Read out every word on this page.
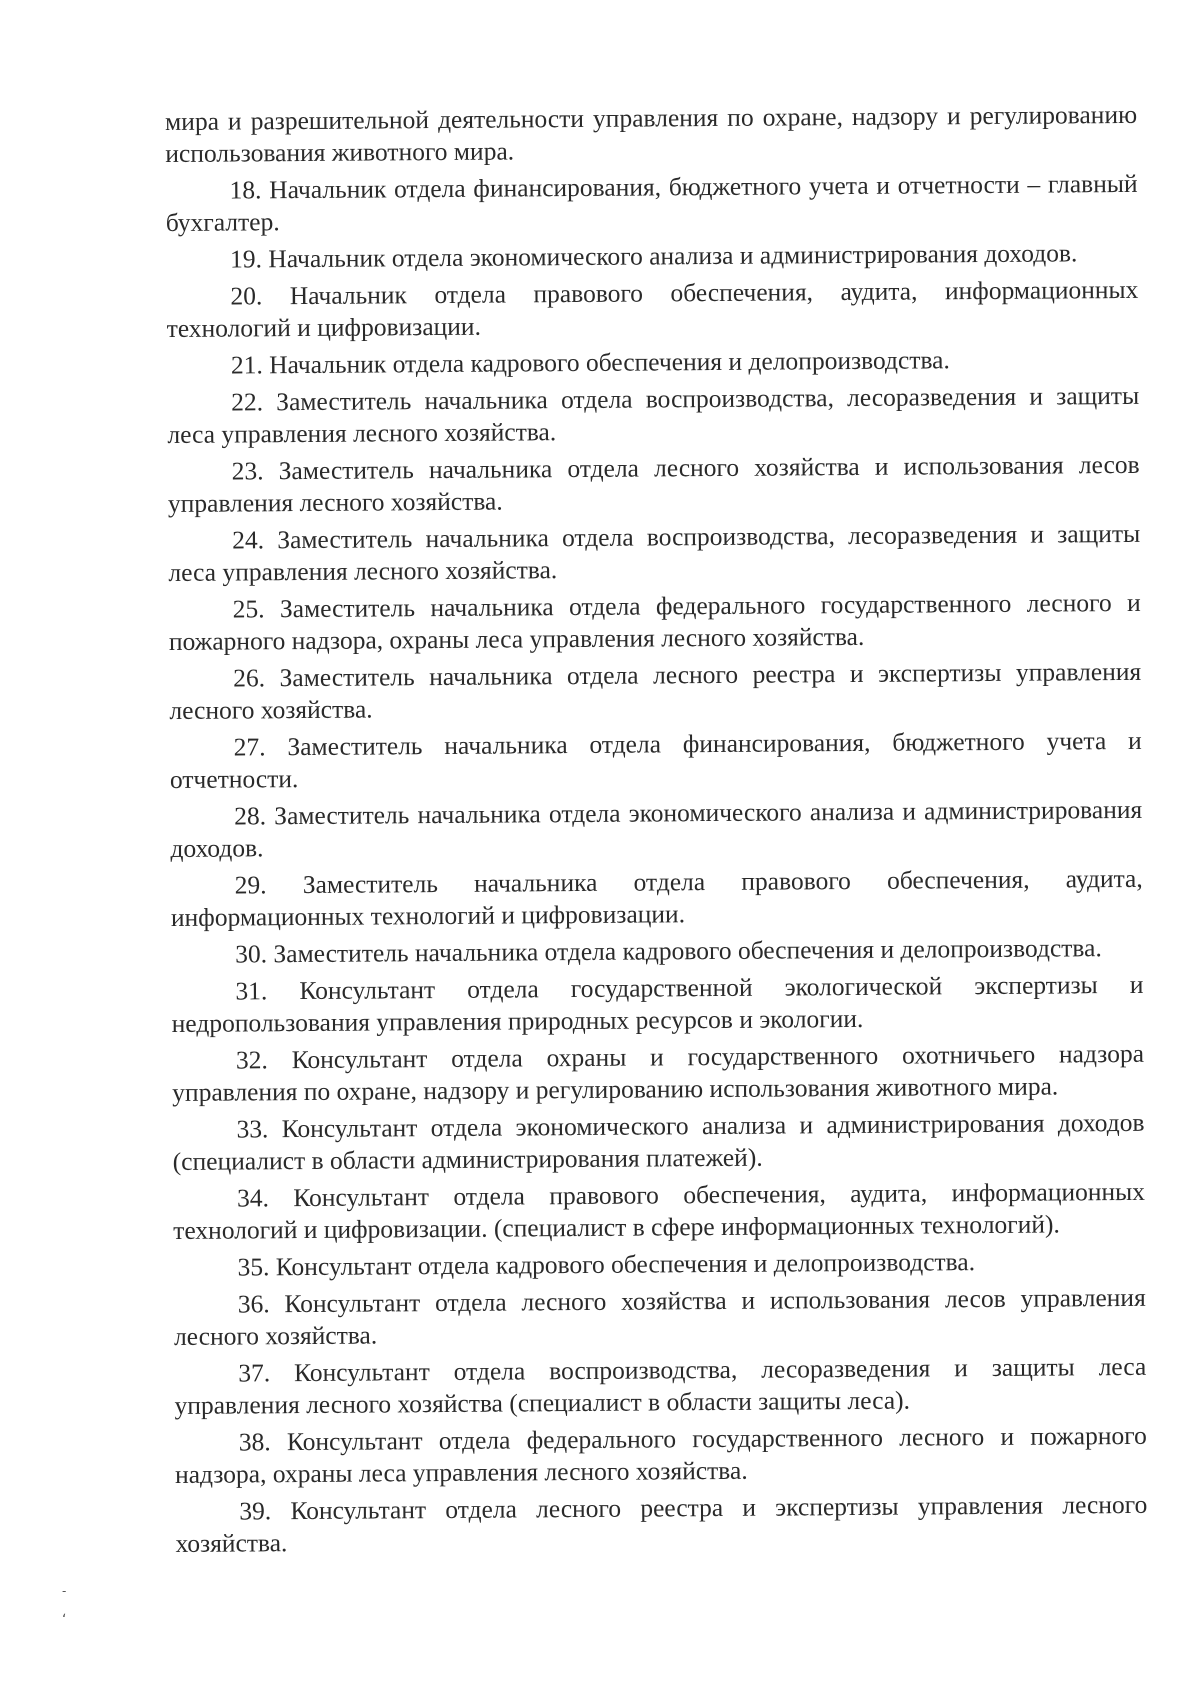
мира и разрешительной деятельности управления по охране, надзору и регулированию использования животного мира.

18. Начальник отдела финансирования, бюджетного учета и отчетности – главный бухгалтер.

19. Начальник отдела экономического анализа и администрирования доходов.

20. Начальник отдела правового обеспечения, аудита, информационных технологий и цифровизации.

21. Начальник отдела кадрового обеспечения и делопроизводства.

22. Заместитель начальника отдела воспроизводства, лесоразведения и защиты леса управления лесного хозяйства.

23. Заместитель начальника отдела лесного хозяйства и использования лесов управления лесного хозяйства.

24. Заместитель начальника отдела воспроизводства, лесоразведения и защиты леса управления лесного хозяйства.

25. Заместитель начальника отдела федерального государственного лесного и пожарного надзора, охраны леса управления лесного хозяйства.

26. Заместитель начальника отдела лесного реестра и экспертизы управления лесного хозяйства.

27. Заместитель начальника отдела финансирования, бюджетного учета и отчетности.

28. Заместитель начальника отдела экономического анализа и администрирования доходов.

29. Заместитель начальника отдела правового обеспечения, аудита, информационных технологий и цифровизации.

30. Заместитель начальника отдела кадрового обеспечения и делопроизводства.

31. Консультант отдела государственной экологической экспертизы и недропользования управления природных ресурсов и экологии.

32. Консультант отдела охраны и государственного охотничьего надзора управления по охране, надзору и регулированию использования животного мира.

33. Консультант отдела экономического анализа и администрирования доходов (специалист в области администрирования платежей).

34. Консультант отдела правового обеспечения, аудита, информационных технологий и цифровизации. (специалист в сфере информационных технологий).

35. Консультант отдела кадрового обеспечения и делопроизводства.

36. Консультант отдела лесного хозяйства и использования лесов управления лесного хозяйства.

37. Консультант отдела воспроизводства, лесоразведения и защиты леса управления лесного хозяйства (специалист в области защиты леса).

38. Консультант отдела федерального государственного лесного и пожарного надзора, охраны леса управления лесного хозяйства.

39. Консультант отдела лесного реестра и экспертизы управления лесного хозяйства.

-
ʻ
